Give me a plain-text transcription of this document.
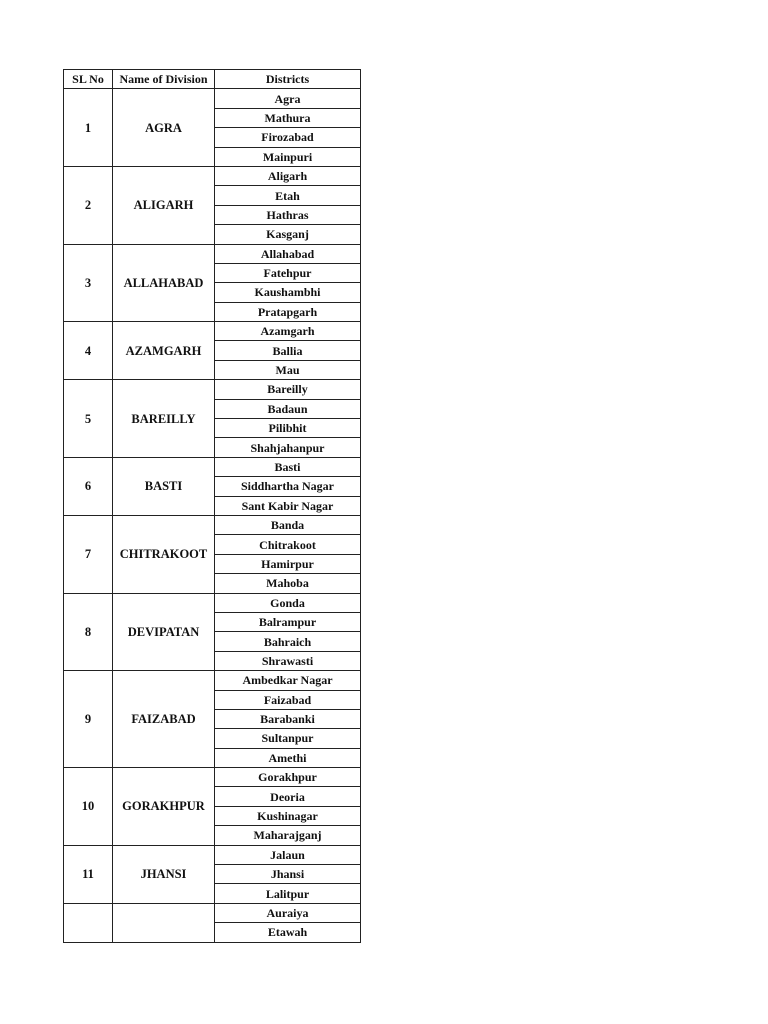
SL No	Name of Division	Districts
1	AGRA	Agra
		Mathura
		Firozabad
		Mainpuri
2	ALIGARH	Aligarh
		Etah
		Hathras
		Kasganj
3	ALLAHABAD	Allahabad
		Fatehpur
		Kaushambhi
		Pratapgarh
4	AZAMGARH	Azamgarh
		Ballia
		Mau
5	BAREILLY	Bareilly
		Badaun
		Pilibhit
		Shahjahanpur
6	BASTI	Basti
		Siddhartha Nagar
		Sant Kabir Nagar
7	CHITRAKOOT	Banda
		Chitrakoot
		Hamirpur
		Mahoba
8	DEVIPATAN	Gonda
		Balrampur
		Bahraich
		Shrawasti
9	FAIZABAD	Ambedkar Nagar
		Faizabad
		Barabanki
		Sultanpur
		Amethi
10	GORAKHPUR	Gorakhpur
		Deoria
		Kushinagar
		Maharajganj
11	JHANSI	Jalaun
		Jhansi
		Lalitpur
		Auraiya
		Etawah
